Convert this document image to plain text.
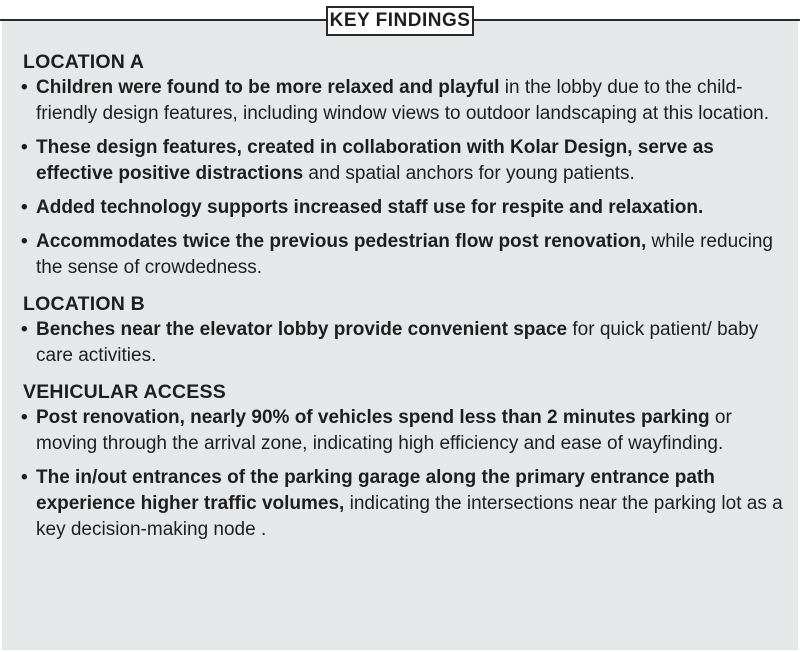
KEY FINDINGS
LOCATION A
• Children were found to be more relaxed and playful in the lobby due to the child-friendly design features, including window views to outdoor landscaping at this location.
• These design features, created in collaboration with Kolar Design, serve as effective positive distractions and spatial anchors for young patients.
• Added technology supports increased staff use for respite and relaxation.
• Accommodates twice the previous pedestrian flow post renovation, while reducing the sense of crowdedness.
LOCATION B
• Benches near the elevator lobby provide convenient space for quick patient/ baby care activities.
VEHICULAR ACCESS
• Post renovation, nearly 90% of vehicles spend less than 2 minutes parking or moving through the arrival zone, indicating high efficiency and ease of wayfinding.
• The in/out entrances of the parking garage along the primary entrance path experience higher traffic volumes, indicating the intersections near the parking lot as a key decision-making node .
